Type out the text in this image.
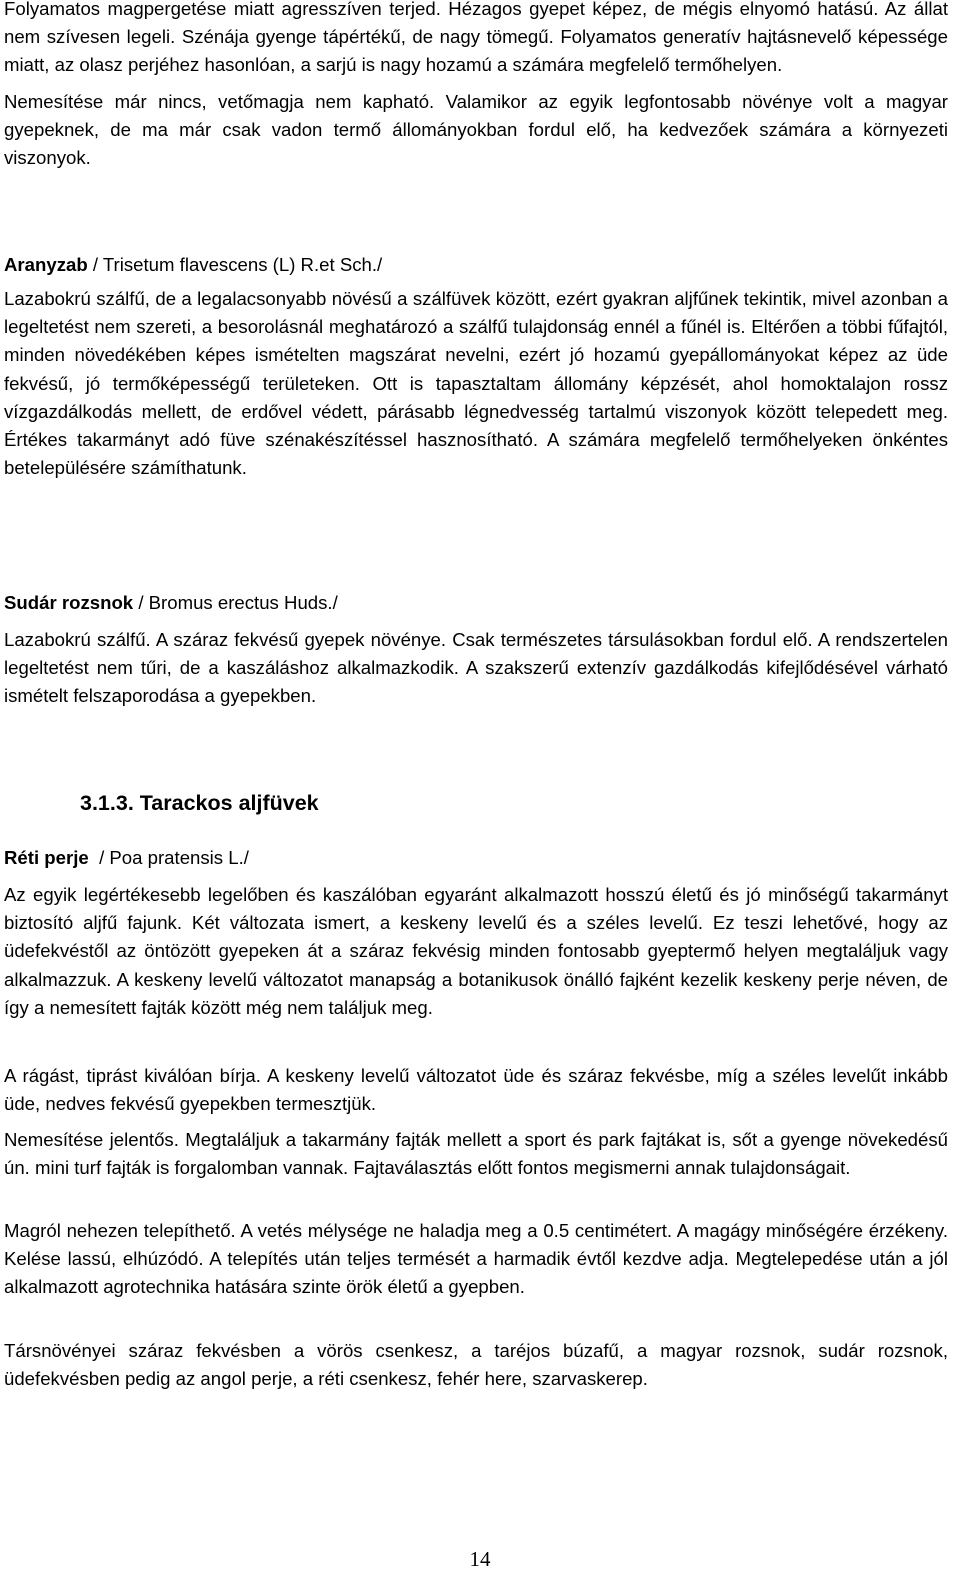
Folyamatos magpergetése miatt agresszíven terjed. Hézagos gyepet képez, de mégis elnyomó hatású. Az állat nem szívesen legeli. Szénája gyenge tápértékű, de nagy tömegű. Folyamatos generatív hajtásnevelő képessége miatt, az olasz perjéhez hasonlóan, a sarjú is nagy hozamú a számára megfelelő termőhelyen.

Nemesítése már nincs, vetőmagja nem kapható. Valamikor az egyik legfontosabb növénye volt a magyar gyepeknek, de ma már csak vadon termő állományokban fordul elő, ha kedvezőek számára a környezeti viszonyok.

Aranyzab / Trisetum flavescens (L) R.et Sch./

Lazabokrú szálfű, de a legalacsonyabb növésű a szálfüvek között, ezért gyakran aljfűnek tekintik, mivel azonban a legeltetést nem szereti, a besorolásnál meghatározó a szálfű tulajdonság ennél a fűnél is. Eltérően a többi fűfajtól, minden növedékében képes ismételten magszárat nevelni, ezért jó hozamú gyepállományokat képez az üde fekvésű, jó termőképességű területeken. Ott is tapasztaltam állomány képzését, ahol homoktalajon rossz vízgazdálkodás mellett, de erdővel védett, párásabb légnedvesség tartalmú viszonyok között telepedett meg. Értékes takarmányt adó füve szénakészítéssel hasznosítható. A számára megfelelő termőhelyeken önkéntes betelepülésére számíthatunk.

Sudár rozsnok / Bromus erectus Huds./

Lazabokrú szálfű. A száraz fekvésű gyepek növénye. Csak természetes társulásokban fordul elő. A rendszertelen legeltetést nem tűri, de a kaszáláshoz alkalmazkodik. A szakszerű extenzív gazdálkodás kifejlődésével várható ismételt felszaporodása a gyepekben.

3.1.3. Tarackos aljfüvek
Réti perje  / Poa pratensis L./

Az egyik legértékesebb legelőben és kaszálóban egyaránt alkalmazott hosszú életű és jó minőségű takarmányt biztosító aljfű fajunk. Két változata ismert, a keskeny levelű és a széles levelű. Ez teszi lehetővé, hogy az üdefekvéstől az öntözött gyepeken át a száraz fekvésig minden fontosabb gyeptermő helyen megtaláljuk vagy alkalmazzuk. A keskeny levelű változatot manapság a botanikusok önálló fajként kezelik keskeny perje néven, de így a nemesített fajták között még nem találjuk meg.

A rágást, tiprást kiválóan bírja. A keskeny levelű változatot üde és száraz fekvésbe, míg a széles levelűt inkább üde, nedves fekvésű gyepekben termesztjük.

Nemesítése jelentős. Megtaláljuk a takarmány fajták mellett a sport és park fajtákat is, sőt a gyenge növekedésű ún. mini turf fajták is forgalomban vannak. Fajtaválasztás előtt fontos megismerni annak tulajdonságait.

Magról nehezen telepíthető. A vetés mélysége ne haladja meg a 0.5 centimétert. A magágy minőségére érzékeny. Kelése lassú, elhúzódó. A telepítés után teljes termését a harmadik évtől kezdve adja. Megtelepedése után a jól alkalmazott agrotechnika hatására szinte örök életű a gyepben.

Társnövényei száraz fekvésben a vörös csenkesz, a taréjos búzafű, a magyar rozsnok, sudár rozsnok, üdefekvésben pedig az angol perje, a réti csenkesz, fehér here, szarvaskerep.

14
